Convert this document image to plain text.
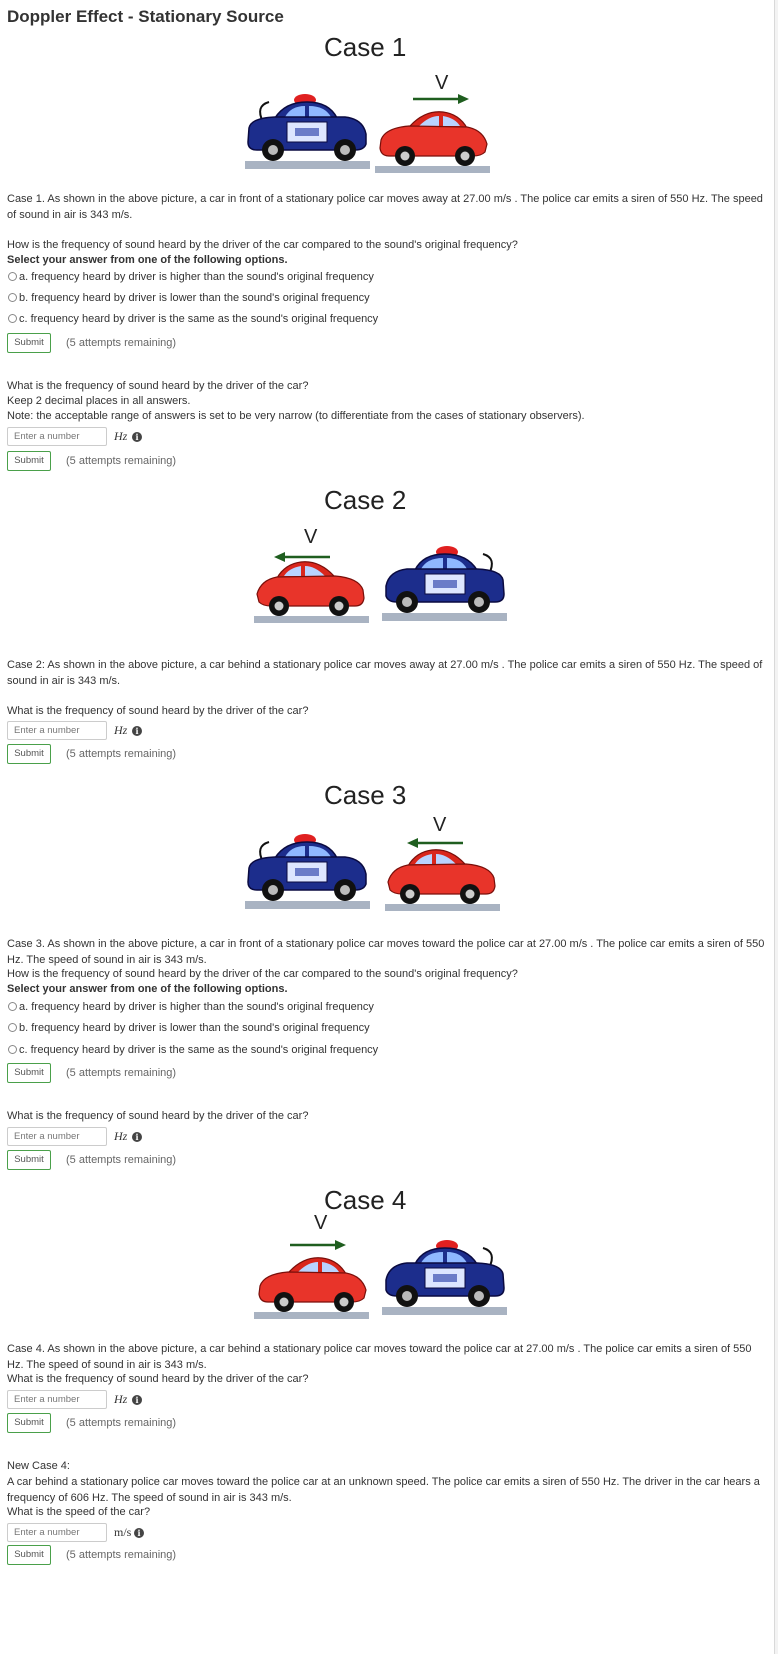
Doppler Effect - Stationary Source
Case 1
V
Case 1. As shown in the above picture, a car in front of a stationary police car moves away at 27.00 m/s . The police car emits a siren of 550 Hz. The speed of sound in air is 343 m/s.
How is the frequency of sound heard by the driver of the car compared to the sound's original frequency?
Select your answer from one of the following options.
a. frequency heard by driver is higher than the sound's original frequency
b. frequency heard by driver is lower than the sound's original frequency
c. frequency heard by driver is the same as the sound's original frequency
Submit	(5 attempts remaining)
What is the frequency of sound heard by the driver of the car?
Keep 2 decimal places in all answers.
Note: the acceptable range of answers is set to be very narrow (to differentiate from the cases of stationary observers).
Enter a number
Hz	i
Submit	(5 attempts remaining)
Case 2
V
Case 2: As shown in the above picture, a car behind a stationary police car moves away at 27.00 m/s . The police car emits a siren of 550 Hz. The speed of sound in air is 343 m/s.
What is the frequency of sound heard by the driver of the car?
Enter a number
Hz	i
Submit	(5 attempts remaining)
Case 3
V
Case 3. As shown in the above picture, a car in front of a stationary police car moves toward the police car at 27.00 m/s . The police car emits a siren of 550 Hz. The speed of sound in air is 343 m/s.
How is the frequency of sound heard by the driver of the car compared to the sound's original frequency?
Select your answer from one of the following options.
a. frequency heard by driver is higher than the sound's original frequency
b. frequency heard by driver is lower than the sound's original frequency
c. frequency heard by driver is the same as the sound's original frequency
Submit	(5 attempts remaining)
What is the frequency of sound heard by the driver of the car?
Enter a number
Hz	i
Submit	(5 attempts remaining)
Case 4
V
Case 4. As shown in the above picture, a car behind a stationary police car moves toward the police car at 27.00 m/s . The police car emits a siren of 550 Hz. The speed of sound in air is 343 m/s.
What is the frequency of sound heard by the driver of the car?
Enter a number
Hz	i
Submit	(5 attempts remaining)
New Case 4:
A car behind a stationary police car moves toward the police car at an unknown speed. The police car emits a siren of 550 Hz. The driver in the car hears a frequency of 606 Hz. The speed of sound in air is 343 m/s.
What is the speed of the car?
Enter a number
m/s i
Submit	(5 attempts remaining)
